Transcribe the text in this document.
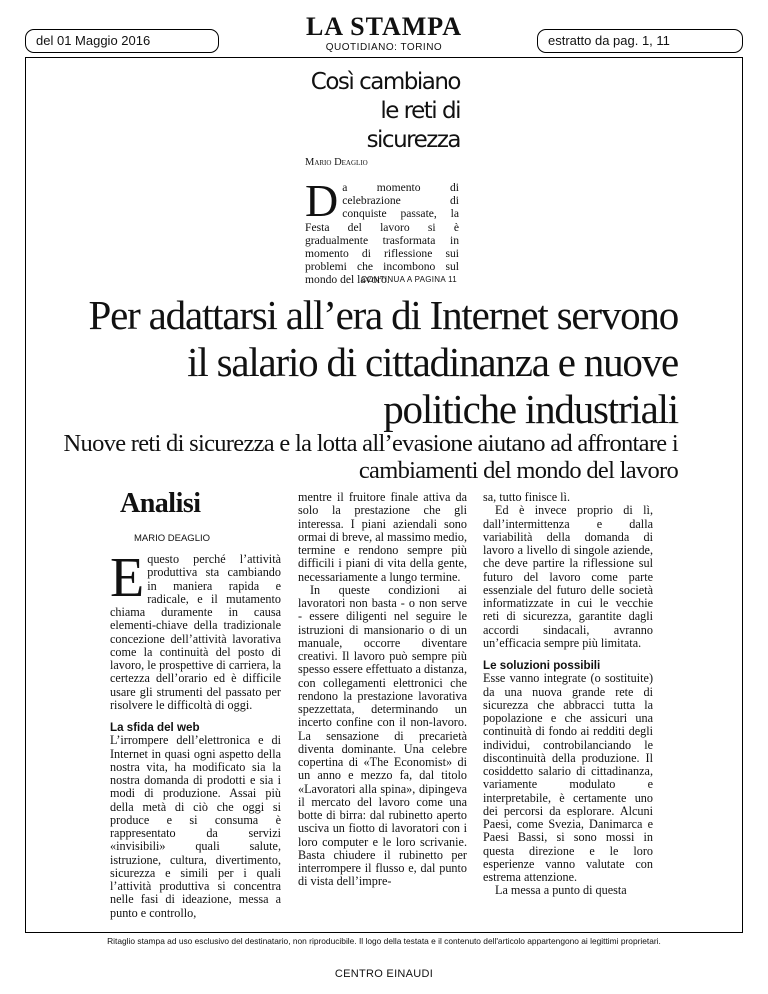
del 01 Maggio 2016	LA STAMPA
QUOTIDIANO: TORINO	estratto da pag. 1, 11
Così cambiano le reti di sicurezza
Mario Deaglio
Da momento di celebrazione di conquiste passate, la Festa del lavoro si è gradualmente trasformata in momento di riflessione sui problemi che incombono sul mondo del lavoro.
CONTINUA A PAGINA 11
Per adattarsi all’era di Internet servono il salario di cittadinanza e nuove politiche industriali
Nuove reti di sicurezza e la lotta all’evasione aiutano ad affrontare i cambiamenti del mondo del lavoro
Analisi
MARIO DEAGLIO

Equesto perché l’attività produttiva sta cambiando in maniera rapida e radicale, e il mutamento chiama duramente in causa elementi-chiave della tradizionale concezione dell’attività lavorativa come la continuità del posto di lavoro, le prospettive di carriera, la certezza dell’orario ed è difficile usare gli strumenti del passato per risolvere le difficoltà di oggi.

La sfida del web

L’irrompere dell’elettronica e di Internet in quasi ogni aspetto della nostra vita, ha modificato sia la nostra domanda di prodotti e sia i modi di produzione. Assai più della metà di ciò che oggi si produce e si consuma è rappresentato da servizi «invisibili» quali salute, istruzione, cultura, divertimento, sicurezza e simili per i quali l’attività produttiva si concentra nelle fasi di ideazione, messa a punto e controllo,

mentre il fruitore finale attiva da solo la prestazione che gli interessa. I piani aziendali sono ormai di breve, al massimo medio, termine e rendono sempre più difficili i piani di vita della gente, necessariamente a lungo termine.

In queste condizioni ai lavoratori non basta - o non serve - essere diligenti nel seguire le istruzioni di mansionario o di un manuale, occorre diventare creativi. Il lavoro può sempre più spesso essere effettuato a distanza, con collegamenti elettronici che rendono la prestazione lavorativa spezzettata, determinando un incerto confine con il non-lavoro. La sensazione di precarietà diventa dominante. Una celebre copertina di «The Economist» di un anno e mezzo fa, dal titolo «Lavoratori alla spina», dipingeva il mercato del lavoro come una botte di birra: dal rubinetto aperto usciva un fiotto di lavoratori con i loro computer e le loro scrivanie. Basta chiudere il rubinetto per interrompere il flusso e, dal punto di vista dell’impre-

sa, tutto finisce lì.

Ed è invece proprio di lì, dall’intermittenza e dalla variabilità della domanda di lavoro a livello di singole aziende, che deve partire la riflessione sul futuro del lavoro come parte essenziale del futuro delle società informatizzate in cui le vecchie reti di sicurezza, garantite dagli accordi sindacali, avranno un’efficacia sempre più limitata.

Le soluzioni possibili

Esse vanno integrate (o sostituite) da una nuova grande rete di sicurezza che abbracci tutta la popolazione e che assicuri una continuità di fondo ai redditi degli individui, controbilanciando le discontinuità della produzione. Il cosiddetto salario di cittadinanza, variamente modulato e interpretabile, è certamente uno dei percorsi da esplorare. Alcuni Paesi, come Svezia, Danimarca e Paesi Bassi, si sono mossi in questa direzione e le loro esperienze vanno valutate con estrema attenzione.

La messa a punto di questa

Ritaglio stampa ad uso esclusivo del destinatario, non riproducibile. Il logo della testata e il contenuto dell'articolo appartengono ai legittimi proprietari.
CENTRO EINAUDI
